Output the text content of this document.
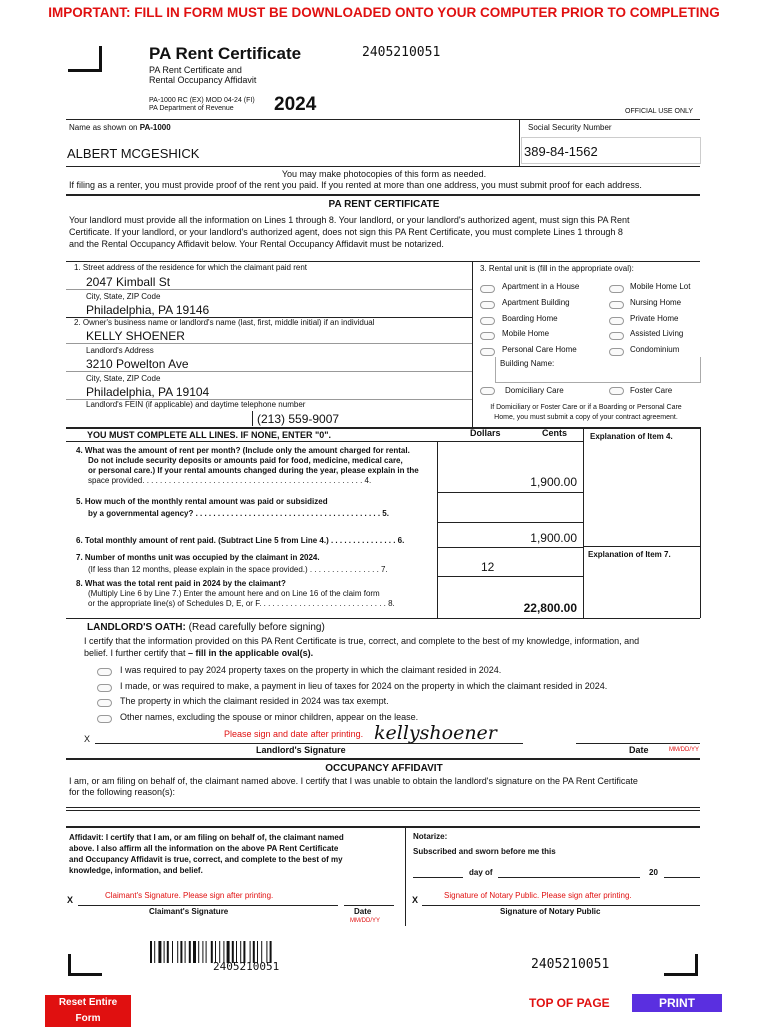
IMPORTANT: FILL IN FORM MUST BE DOWNLOADED ONTO YOUR COMPUTER PRIOR TO COMPLETING
PA Rent Certificate
PA Rent Certificate and
Rental Occupancy Affidavit
PA-1000 RC (EX) MOD 04-24 (FI)
PA Department of Revenue 2024
2405210051
OFFICIAL USE ONLY
Name as shown on PA-1000
ALBERT MCGESHICK
Social Security Number
389-84-1562
You may make photocopies of this form as needed.
If filing as a renter, you must provide proof of the rent you paid. If you rented at more than one address, you must submit proof for each address.
PA RENT CERTIFICATE
Your landlord must provide all the information on Lines 1 through 8. Your landlord, or your landlord's authorized agent, must sign this PA Rent
Certificate. If your landlord, or your landlord's authorized agent, does not sign this PA Rent Certificate, you must complete Lines 1 through 8
and the Rental Occupancy Affidavit below. Your Rental Occupancy Affidavit must be notarized.
1. Street address of the residence for which the claimant paid rent
2047 Kimball St
City, State, ZIP Code
Philadelphia, PA 19146
2. Owner's business name or landlord's name (last, first, middle initial) if an individual
KELLY SHOENER
Landlord's Address
3210 Powelton Ave
City, State, ZIP Code
Philadelphia, PA 19104
Landlord's FEIN (if applicable) and daytime telephone number
(213) 559-9007
3. Rental unit is (fill in the appropriate oval):
Apartment in a House
Apartment Building
Boarding Home
Mobile Home
Personal Care Home
Mobile Home Lot
Nursing Home
Private Home
Assisted Living
Condominium
Building Name:
Domiciliary Care	Foster Care
If Domiciliary or Foster Care or if a Boarding or Personal Care
Home, you must submit a copy of your contract agreement.
YOU MUST COMPLETE ALL LINES. IF NONE, ENTER "0".	Dollars	Cents	Explanation of Item 4.
Explanation of Item 7.
4. What was the amount of rent per month? (Include only the amount charged for rental.
Do not include security deposits or amounts paid for food, medicine, medical care,
or personal care.) If your rental amounts changed during the year, please explain in the
space provided. . . . . . . . . . . . . . . . . . . . . . . . . . . . . . . . . . . . . . . . . . . . . . . . . . 4.	1,900.00
5. How much of the monthly rental amount was paid or subsidized
by a governmental agency? . . . . . . . . . . . . . . . . . . . . . . . . . . . . . . . . . . . . . . . . . . 5.
6. Total monthly amount of rent paid. (Subtract Line 5 from Line 4.) . . . . . . . . . . . . . . . 6.	1,900.00
7. Number of months unit was occupied by the claimant in 2024.
(If less than 12 months, please explain in the space provided.) . . . . . . . . . . . . . . . . 7.	12
8. What was the total rent paid in 2024 by the claimant?
(Multiply Line 6 by Line 7.) Enter the amount here and on Line 16 of the claim form
or the appropriate line(s) of Schedules D, E, or F. . . . . . . . . . . . . . . . . . . . . . . . . . . . . 8.	22,800.00
LANDLORD'S OATH: (Read carefully before signing)
I certify that the information provided on this PA Rent Certificate is true, correct, and complete to the best of my knowledge, information, and
belief. I further certify that – fill in the applicable oval(s).
I was required to pay 2024 property taxes on the property in which the claimant resided in 2024.
I made, or was required to make, a payment in lieu of taxes for 2024 on the property in which the claimant resided in 2024.
The property in which the claimant resided in 2024 was tax exempt.
Other names, excluding the spouse or minor children, appear on the lease.
X	Please sign and date after printing. kellyshoener
Landlord's Signature	Date	MM/DD/YY
OCCUPANCY AFFIDAVIT
I am, or am filing on behalf of, the claimant named above. I certify that I was unable to obtain the landlord's signature on the PA Rent Certificate
for the following reason(s):
Affidavit: I certify that I am, or am filing on behalf of, the claimant named
above. I also affirm all the information on the above PA Rent Certificate
and Occupancy Affidavit is true, correct, and complete to the best of my
knowledge, information, and belief.
Notarize:
Subscribed and sworn before me this
day of	20
X	Claimant's Signature. Please sign after printing.
Claimant's Signature	Date
MM/DD/YY
X	Signature of Notary Public. Please sign after printing.
Signature of Notary Public
2405210051	2405210051
Reset Entire Form
TOP OF PAGE	PRINT
